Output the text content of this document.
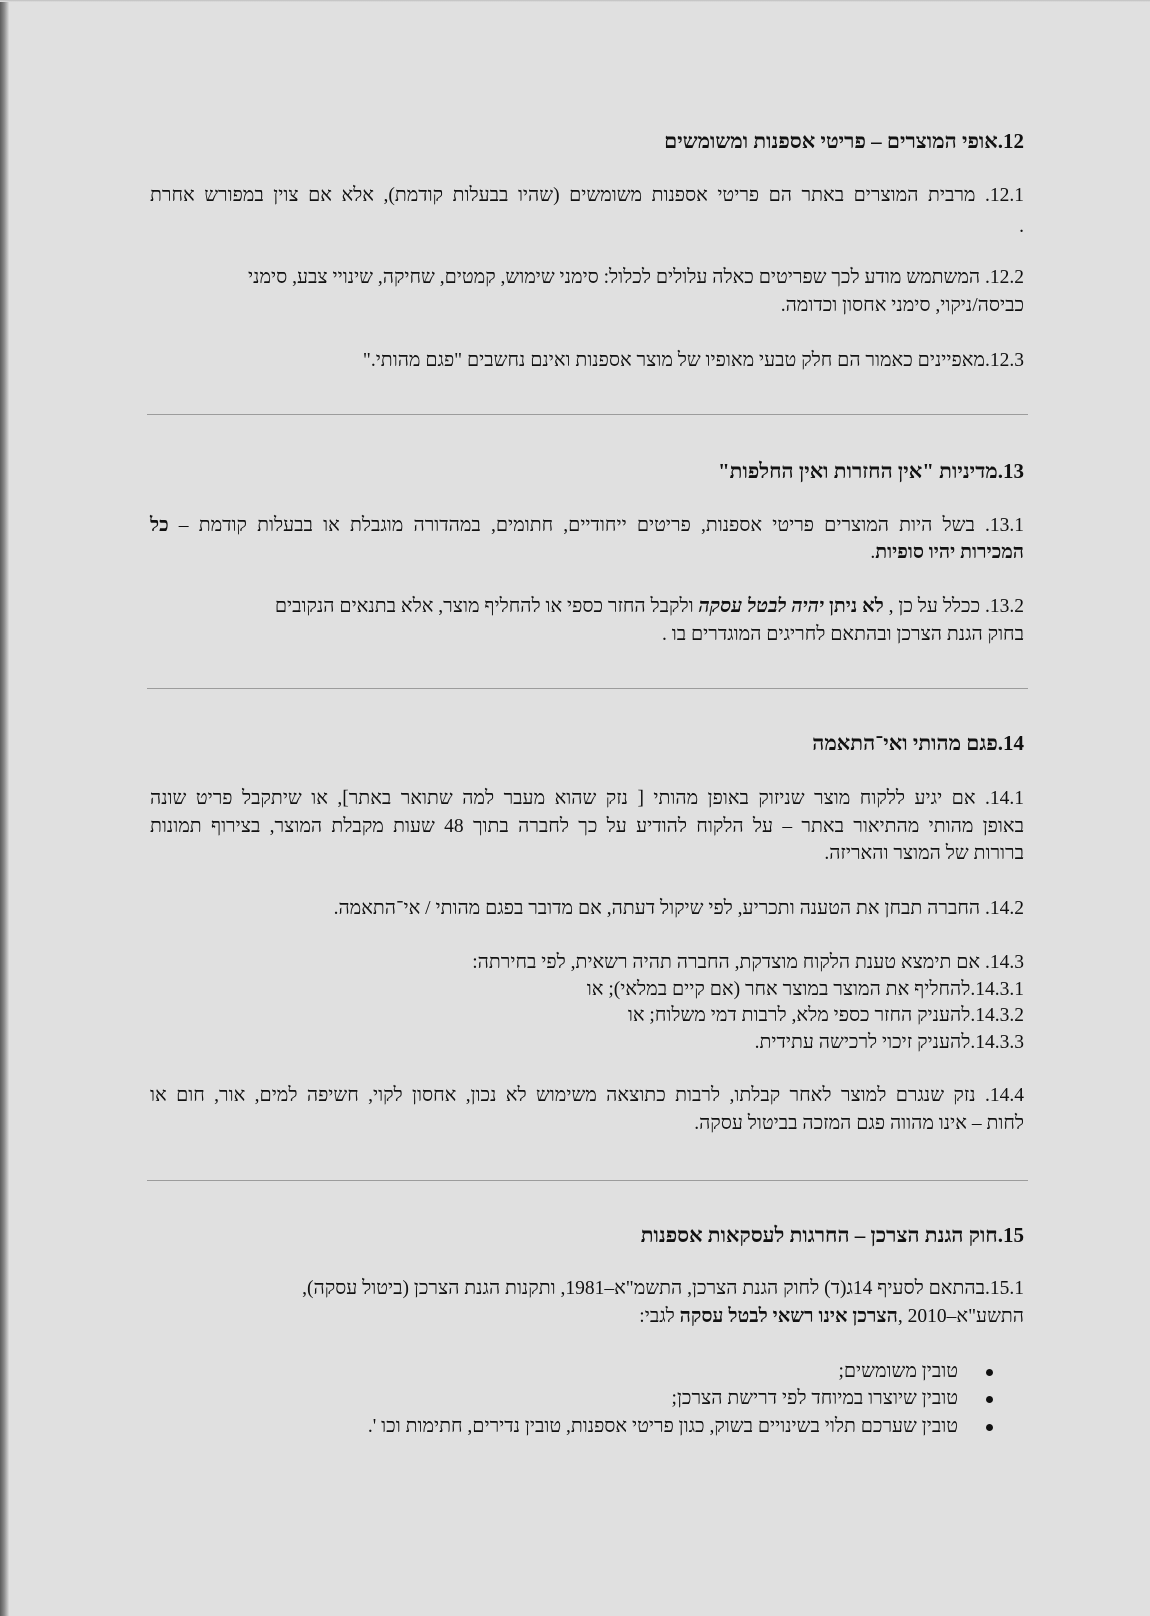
12.אופי המוצרים – פריטי אספנות ומשומשים
12.1. מרבית המוצרים באתר הם פריטי אספנות משומשים (שהיו בבעלות קודמת), אלא אם צוין במפורש אחרת
.
12.2. המשתמש מודע לכך שפריטים כאלה עלולים לכלול: סימני שימוש, קמטים, שחיקה, שינויי צבע, סימני
כביסה/ניקוי, סימני אחסון וכדומה.
12.3.מאפיינים כאמור הם חלק טבעי מאופיו של מוצר אספנות ואינם נחשבים "פגם מהותי."
13.מדיניות "אין החזרות ואין החלפות"
13.1. בשל היות המוצרים פריטי אספנות, פריטים ייחודיים, חתומים, במהדורה מוגבלת או בבעלות קודמת – כל
המכירות יהיו סופיות.
13.2. ככלל על כן , לא ניתן יהיה לבטל עסקה ולקבל החזר כספי או להחליף מוצר, אלא בתנאים הנקובים
בחוק הגנת הצרכן ובהתאם לחריגים המוגדרים בו .
14.פגם מהותי ואי־התאמה
14.1. אם יגיע ללקוח מוצר שניזוק באופן מהותי [ נזק שהוא מעבר למה שתואר באתר], או שיתקבל פריט שונה
באופן מהותי מהתיאור באתר – על הלקוח להודיע על כך לחברה בתוך 48 שעות מקבלת המוצר, בצירוף תמונות
ברורות של המוצר והאריזה.
14.2. החברה תבחן את הטענה ותכריע, לפי שיקול דעתה, אם מדובר בפגם מהותי / אי־התאמה.
14.3. אם תימצא טענת הלקוח מוצדקת, החברה תהיה רשאית, לפי בחירתה:
14.3.1.להחליף את המוצר במוצר אחר (אם קיים במלאי); או
14.3.2.להעניק החזר כספי מלא, לרבות דמי משלוח; או
14.3.3.להעניק זיכוי לרכישה עתידית.
14.4. נזק שנגרם למוצר לאחר קבלתו, לרבות כתוצאה משימוש לא נכון, אחסון לקוי, חשיפה למים, אור, חום או
לחות – אינו מהווה פגם המזכה בביטול עסקה.
15.חוק הגנת הצרכן – החרגות לעסקאות אספנות
15.1.בהתאם לסעיף 14ג(ד) לחוק הגנת הצרכן, התשמ"א–1981, ותקנות הגנת הצרכן (ביטול עסקה),
התשע"א–2010 ,הצרכן אינו רשאי לבטל עסקה לגבי:
טובין משומשים;
טובין שיוצרו במיוחד לפי דרישת הצרכן;
טובין שערכם תלוי בשינויים בשוק, כגון פריטי אספנות, טובין נדירים, חתימות וכו '.
